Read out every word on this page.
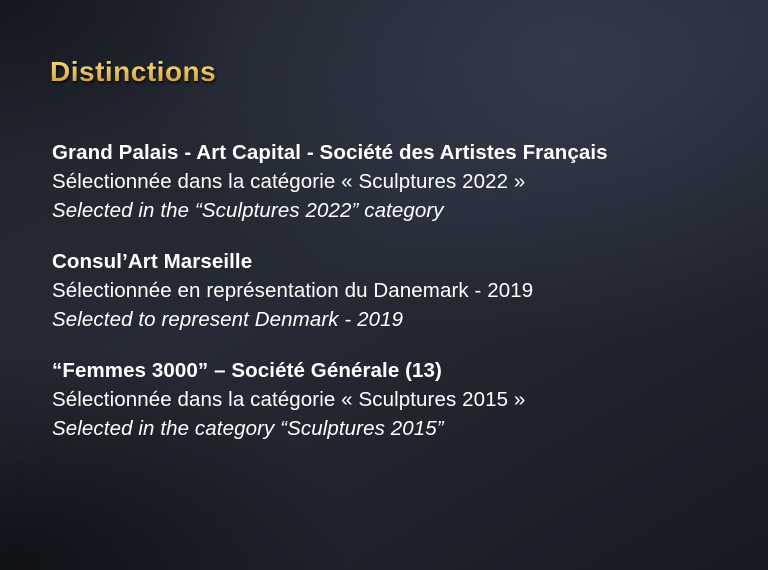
Distinctions
Grand Palais - Art Capital - Société des Artistes Français
Sélectionnée dans la catégorie « Sculptures 2022 »
Selected in the “Sculptures 2022” category
Consul’Art Marseille
Sélectionnée en représentation du Danemark - 2019
Selected to represent Denmark - 2019
“Femmes 3000” – Société Générale (13)
Sélectionnée dans la catégorie « Sculptures 2015 »
Selected in the category “Sculptures 2015”
